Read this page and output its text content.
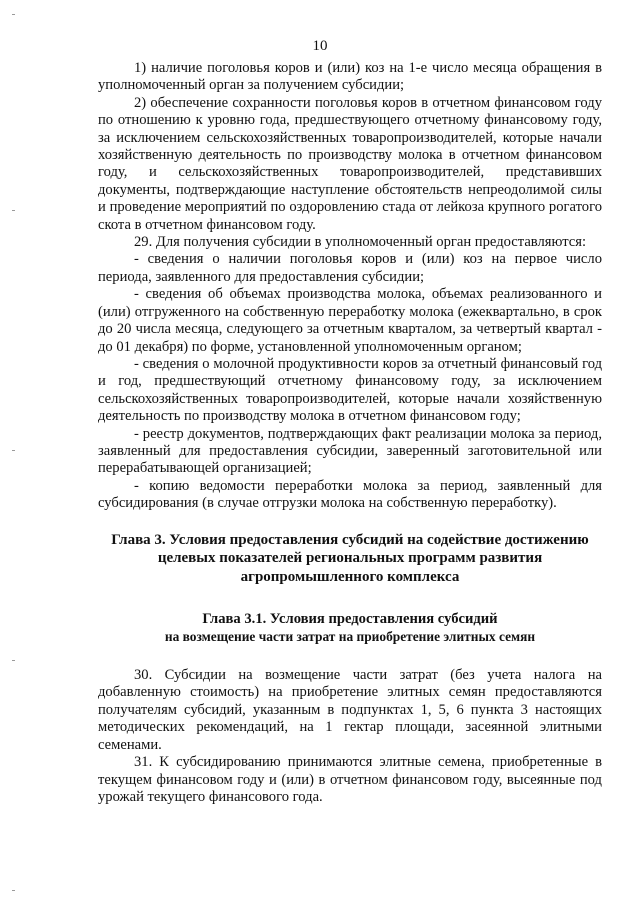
10

1) наличие поголовья коров и (или) коз на 1-е число месяца обращения в уполномоченный орган за получением субсидии;

2) обеспечение сохранности поголовья коров в отчетном финансовом году по отношению к уровню года, предшествующего отчетному финансовому году, за исключением сельскохозяйственных товаропроизводителей, которые начали хозяйственную деятельность по производству молока в отчетном финансовом году, и сельскохозяйственных товаропроизводителей, представивших документы, подтверждающие наступление обстоятельств непреодолимой силы и проведение мероприятий по оздоровлению стада от лейкоза крупного рогатого скота в отчетном финансовом году.

29. Для получения субсидии в уполномоченный орган предоставляются:

- сведения о наличии поголовья коров и (или) коз на первое число периода, заявленного для предоставления субсидии;

- сведения об объемах производства молока, объемах реализованного и (или) отгруженного на собственную переработку молока (ежеквартально, в срок до 20 числа месяца, следующего за отчетным кварталом, за четвертый квартал - до 01 декабря) по форме, установленной уполномоченным органом;

- сведения о молочной продуктивности коров за отчетный финансовый год и год, предшествующий отчетному финансовому году, за исключением сельскохозяйственных товаропроизводителей, которые начали хозяйственную деятельность по производству молока в отчетном финансовом году;

- реестр документов, подтверждающих факт реализации молока за период, заявленный для предоставления субсидии, заверенный заготовительной или перерабатывающей организацией;

- копию ведомости переработки молока за период, заявленный для субсидирования (в случае отгрузки молока на собственную переработку).

Глава 3. Условия предоставления субсидий на содействие достижению целевых показателей региональных программ развития агропромышленного комплекса
Глава 3.1. Условия предоставления субсидий
на возмещение части затрат на приобретение элитных семян

30. Субсидии на возмещение части затрат (без учета налога на добавленную стоимость) на приобретение элитных семян предоставляются получателям субсидий, указанным в подпунктах 1, 5, 6 пункта 3 настоящих методических рекомендаций, на 1 гектар площади, засеянной элитными семенами.

31. К субсидированию принимаются элитные семена, приобретенные в текущем финансовом году и (или) в отчетном финансовом году, высеянные под урожай текущего финансового года.
